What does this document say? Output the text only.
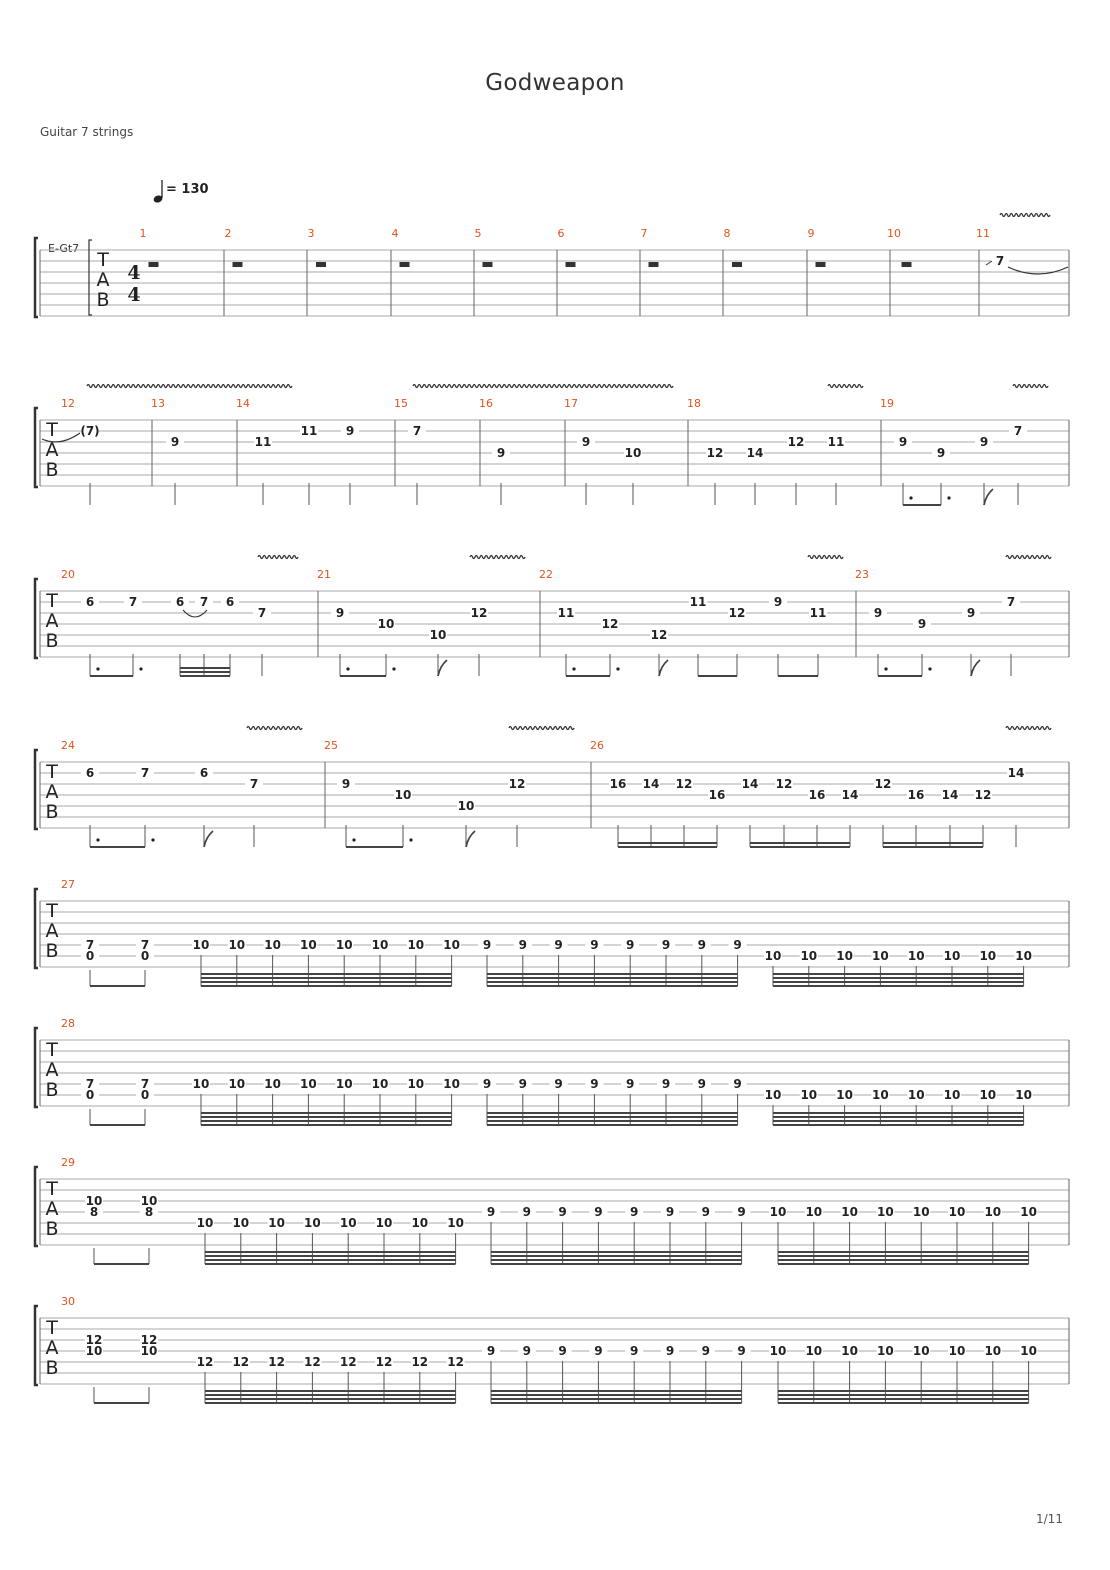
Godweapon
Guitar 7 strings
1/11
= 130
E-Gt7
T
A
B
4
4
1	2	3	4	5	6	7	8	9	10	11
7
T
A
B
12
(7)
13
9
14
11
11 9
15
7
16
9
17
9
10
18
12 14
12 11
19
9
9
9
7
T
A
B
20
6	7	6 7 6
7
21
9
10
10
12
22
11
12
12
11
12
9
11
23
9
9
9
7
T
A
B
24
6	7	6
7
25
9
10
10
12
26
16 14 12
16
14 12
16 14
12
16 14 12
14
T
A
B
27
7
0
7
0
10 10 10 10 10 10 10 10 9 9 9 9 9 9 9 9
10 10 10 10 10 10 10 10
T
A
B
28
7
0
7
0
10 10 10 10 10 10 10 10 9 9 9 9 9 9 9 9
10 10 10 10 10 10 10 10
T
A
B
29
10
8
10
8
10 10 10 10 10 10 10 10
9 9 9 9 9 9 9 9 10 10 10 10 10 10 10 10
T
A
B
30
12
10
12
10
12 12 12 12 12 12 12 12
9 9 9 9 9 9 9 9 10 10 10 10 10 10 10 10
